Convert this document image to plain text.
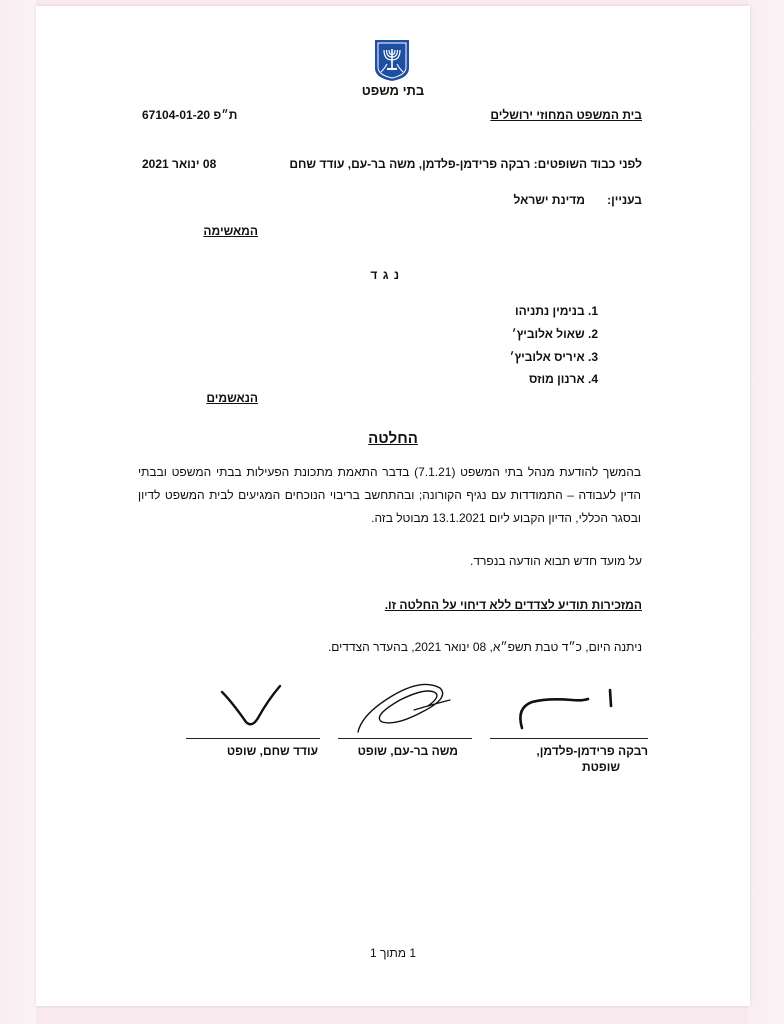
בתי משפט
בית המשפט המחוזי ירושלים
ת״פ 67104-01-20
לפני כבוד השופטים: רבקה פרידמן-פלדמן, משה בר-עם, עודד שחם
08 ינואר 2021
בעניין:
מדינת ישראל
המאשימה
נ ג ד
1. בנימין נתניהו
2. שאול אלוביץ׳
3. איריס אלוביץ׳
4. ארנון מוזס
הנאשמים
החלטה
בהמשך להודעת מנהל בתי המשפט (7.1.21) בדבר התאמת מתכונת הפעילות בבתי המשפט ובבתי הדין לעבודה – התמודדות עם נגיף הקורונה; ובהתחשב בריבוי הנוכחים המגיעים לבית המשפט לדיון ובסגר הכללי, הדיון הקבוע ליום 13.1.2021 מבוטל בזה.
על מועד חדש תבוא הודעה בנפרד.
המזכירות תודיע לצדדים ללא דיחוי על החלטה זו.
ניתנה היום, כ״ד טבת תשפ״א, 08 ינואר 2021, בהעדר הצדדים.
רבקה פרידמן-פלדמן,
שופטת
משה בר-עם, שופט
עודד שחם, שופט
1 מתוך 1
